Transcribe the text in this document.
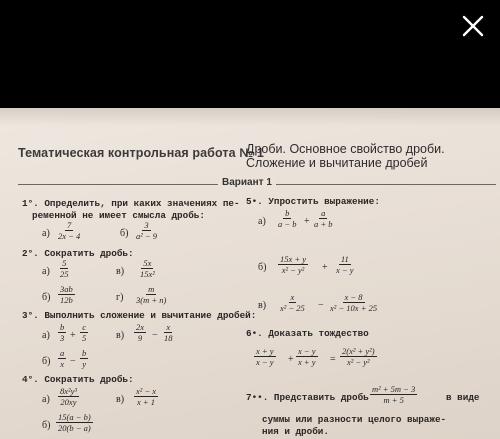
Тематическая контрольная работа № 1
Дроби. Основное свойство дроби.
Сложение и вычитание дробей
Вариант 1
1°. Определить, при каких значениях пе-
ременной не имеет смысла дробь:
$а) \frac{7}{2x - 4}$	$б) \frac{3}{\text{a² − 9}}$
2°. Сократить дробь:
$а) \frac{5}{25}$	$в) \frac{5x}{\text{15x²}}$
$б) \frac{3ab}{12b}$	$г) \frac{m}{3(m + n)}$
3°. Выполнить сложение и вычитание дробей:
$а) \frac{b}{3} + \frac{c}{5}$	$в) \frac{2x}{9} - \frac{x}{18}$
$б) \frac{a}{x} - \frac{b}{y}$
4°. Сократить дробь:
$а) \frac{\text{8x²y³}}{20xy}$	$в) \frac{\text{x² − x}}{x + 1}$
$б) \frac{15(a - b)}{20(b - a)}$
5•. Упростить выражение:
$а) \frac{b}{a - b} + \frac{a}{a + b}$
$б) \frac{15x + y}{\text{x² − y²}} + \frac{11}{x - y}$
$в) \frac{x}{\text{x² − 25}} - \frac{x - 8}{\text{x² − 10x + 25}}$
6•. Доказать тождество
$\frac{x + y}{x - y} + \frac{x - y}{x + y} = \frac{\text{2(x² + y²)}}{\text{x² − y²}}$
7••. Представить дробь $\frac{\text{m² + 5m − 3}}{m + 5}$	в виде
суммы или разности целого выраже-
ния и дроби.
